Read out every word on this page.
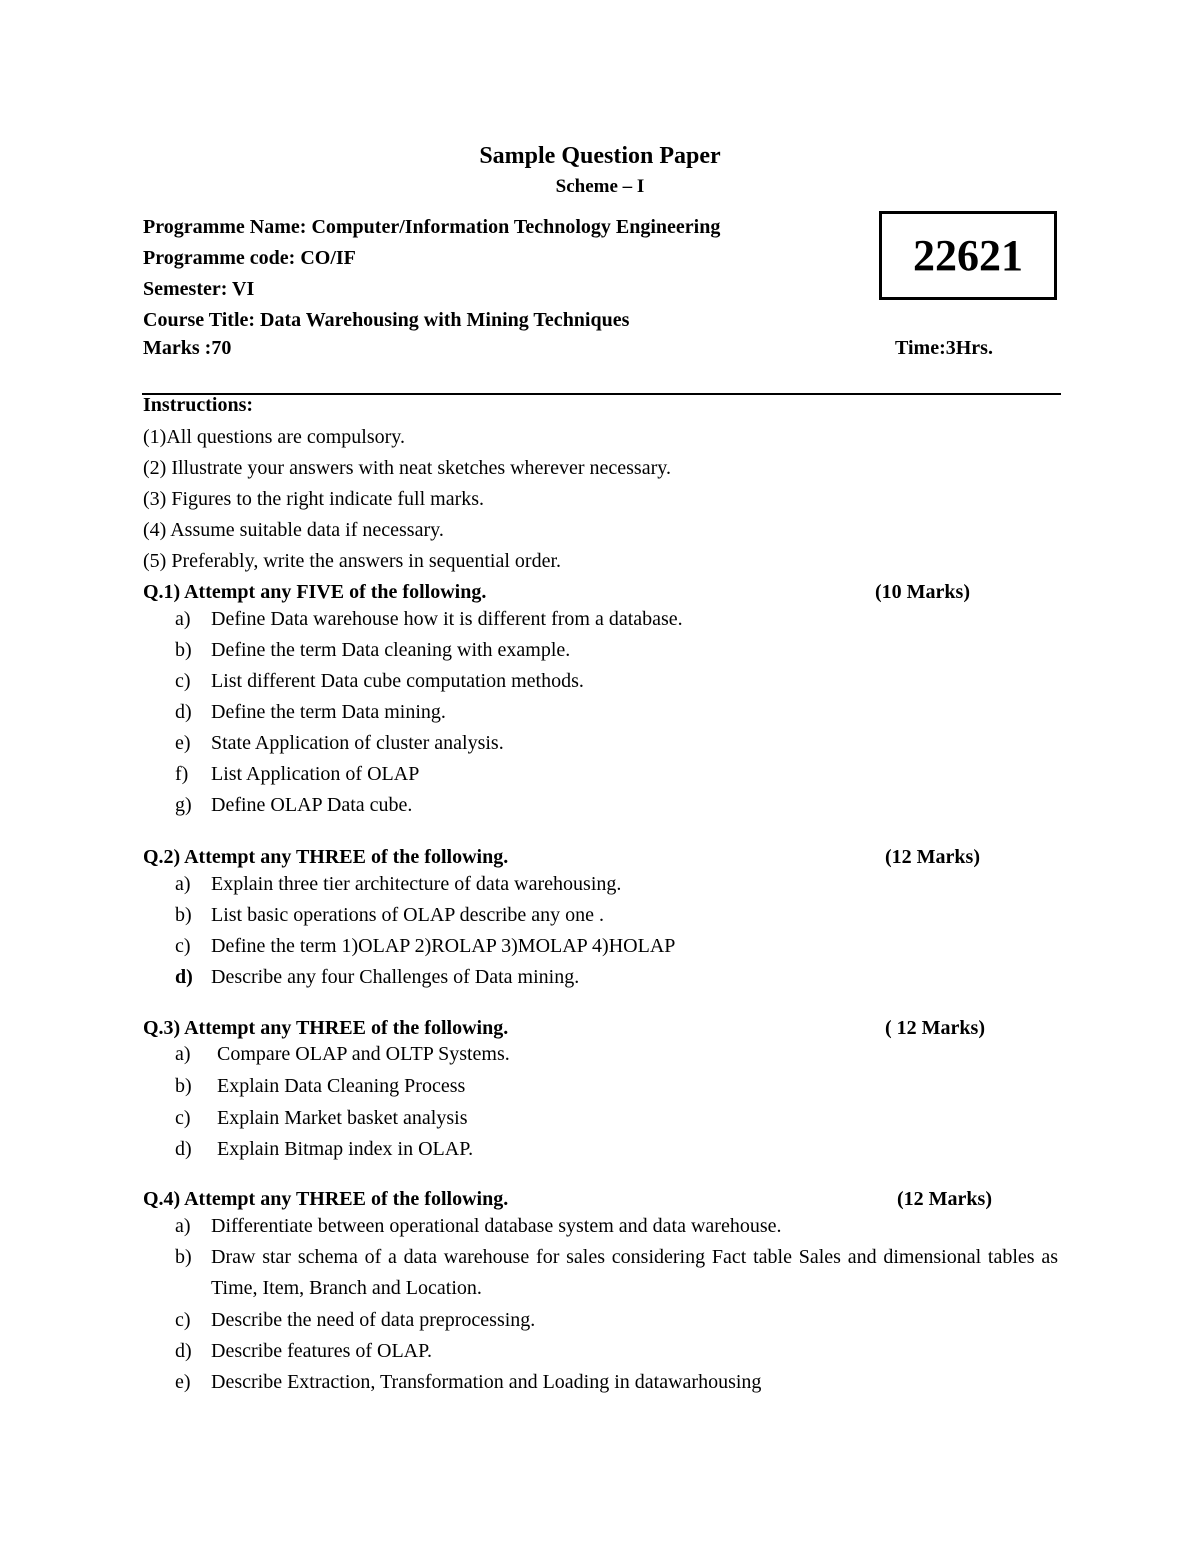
Sample Question Paper
Scheme – I
Programme Name: Computer/Information Technology Engineering
Programme code: CO/IF
Semester: VI
Course Title: Data Warehousing with Mining Techniques
Marks :70
22621
Time:3Hrs.
Instructions:
(1)All questions are compulsory.
(2) Illustrate your answers with neat sketches wherever necessary.
(3) Figures to the right indicate full marks.
(4) Assume suitable data if necessary.
(5) Preferably, write the answers in sequential order.
Q.1) Attempt any FIVE of the following.	(10 Marks)
a) Define Data warehouse how it is different from a database.
b) Define the term Data cleaning with example.
c) List different Data cube computation methods.
d) Define the term Data mining.
e) State Application of cluster analysis.
f) List Application of OLAP
g) Define OLAP Data cube.
Q.2) Attempt any THREE of the following.	(12 Marks)
a) Explain three tier architecture of data warehousing.
b) List basic operations of OLAP describe any one .
c) Define the term 1)OLAP 2)ROLAP 3)MOLAP 4)HOLAP
d) Describe any four Challenges of Data mining.
Q.3) Attempt any THREE of the following.	( 12 Marks)
a) Compare OLAP and OLTP Systems.
b) Explain Data Cleaning Process
c) Explain Market basket analysis
d) Explain Bitmap index in OLAP.
Q.4) Attempt any THREE of the following.	(12 Marks)
a) Differentiate between operational database system and data warehouse.
b) Draw star schema of a data warehouse for sales considering Fact table Sales and dimensional tables as Time, Item, Branch and Location.
c) Describe the need of data preprocessing.
d) Describe features of OLAP.
e) Describe Extraction, Transformation and Loading in datawarhousing
